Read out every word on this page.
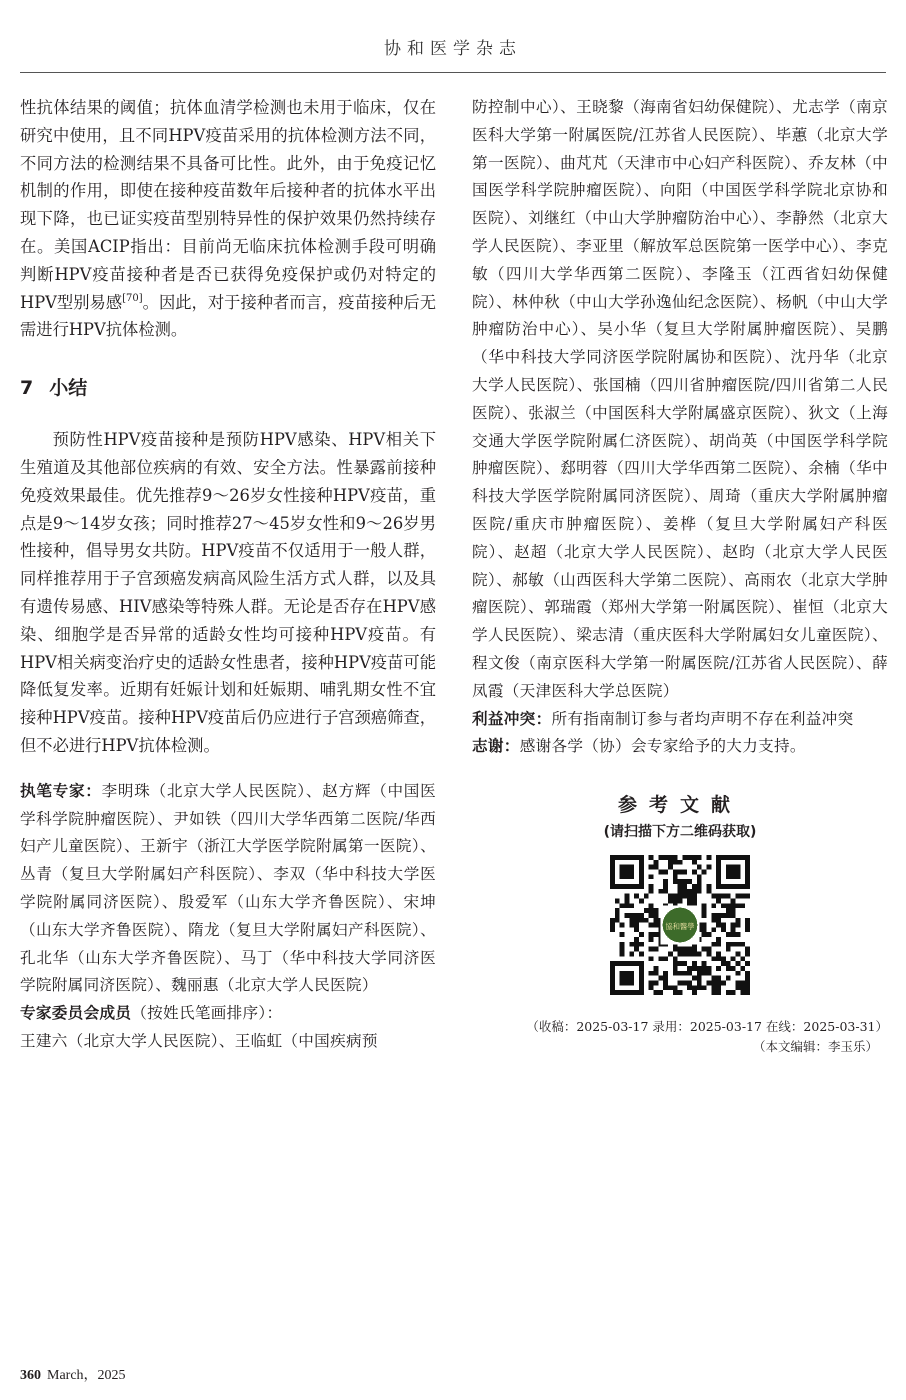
协和医学杂志

性抗体结果的阈值；抗体血清学检测也未用于临床，仅在研究中使用，且不同HPV疫苗采用的抗体检测方法不同，不同方法的检测结果不具备可比性。此外，由于免疫记忆机制的作用，即使在接种疫苗数年后接种者的抗体水平出现下降，也已证实疫苗型别特异性的保护效果仍然持续存在。美国ACIP指出：目前尚无临床抗体检测手段可明确判断HPV疫苗接种者是否已获得免疫保护或仍对特定的HPV型别易感[70]。因此，对于接种者而言，疫苗接种后无需进行HPV抗体检测。

7 小结

预防性HPV疫苗接种是预防HPV感染、HPV相关下生殖道及其他部位疾病的有效、安全方法。性暴露前接种免疫效果最佳。优先推荐9～26岁女性接种HPV疫苗，重点是9～14岁女孩；同时推荐27～45岁女性和9～26岁男性接种，倡导男女共防。HPV疫苗不仅适用于一般人群，同样推荐用于子宫颈癌发病高风险生活方式人群，以及具有遗传易感、HIV感染等特殊人群。无论是否存在HPV感染、细胞学是否异常的适龄女性均可接种HPV疫苗。有HPV相关病变治疗史的适龄女性患者，接种HPV疫苗可能降低复发率。近期有妊娠计划和妊娠期、哺乳期女性不宜接种HPV疫苗。接种HPV疫苗后仍应进行子宫颈癌筛查，但不必进行HPV抗体检测。

执笔专家：李明珠（北京大学人民医院）、赵方辉（中国医学科学院肿瘤医院）、尹如铁（四川大学华西第二医院/华西妇产儿童医院）、王新宇（浙江大学医学院附属第一医院）、丛青（复旦大学附属妇产科医院）、李双（华中科技大学医学院附属同济医院）、殷爱军（山东大学齐鲁医院）、宋坤（山东大学齐鲁医院）、隋龙（复旦大学附属妇产科医院）、孔北华（山东大学齐鲁医院）、马丁（华中科技大学同济医学院附属同济医院）、魏丽惠（北京大学人民医院）

专家委员会成员（按姓氏笔画排序）：

王建六（北京大学人民医院）、王临虹（中国疾病预

防控制中心）、王晓黎（海南省妇幼保健院）、尤志学（南京医科大学第一附属医院/江苏省人民医院）、毕蕙（北京大学第一医院）、曲芃芃（天津市中心妇产科医院）、乔友林（中国医学科学院肿瘤医院）、向阳（中国医学科学院北京协和医院）、刘继红（中山大学肿瘤防治中心）、李静然（北京大学人民医院）、李亚里（解放军总医院第一医学中心）、李克敏（四川大学华西第二医院）、李隆玉（江西省妇幼保健院）、林仲秋（中山大学孙逸仙纪念医院）、杨帆（中山大学肿瘤防治中心）、吴小华（复旦大学附属肿瘤医院）、吴鹏（华中科技大学同济医学院附属协和医院）、沈丹华（北京大学人民医院）、张国楠（四川省肿瘤医院/四川省第二人民医院）、张淑兰（中国医科大学附属盛京医院）、狄文（上海交通大学医学院附属仁济医院）、胡尚英（中国医学科学院肿瘤医院）、郄明蓉（四川大学华西第二医院）、余楠（华中科技大学医学院附属同济医院）、周琦（重庆大学附属肿瘤医院/重庆市肿瘤医院）、姜桦（复旦大学附属妇产科医院）、赵超（北京大学人民医院）、赵昀（北京大学人民医院）、郝敏（山西医科大学第二医院）、高雨农（北京大学肿瘤医院）、郭瑞霞（郑州大学第一附属医院）、崔恒（北京大学人民医院）、梁志清（重庆医科大学附属妇女儿童医院）、程文俊（南京医科大学第一附属医院/江苏省人民医院）、薛凤霞（天津医科大学总医院）

利益冲突：所有指南制订参与者均声明不存在利益冲突

志谢：感谢各学（协）会专家给予的大力支持。

参考文献
(请扫描下方二维码获取)
協和醫學
（收稿：2025-03-17 录用：2025-03-17 在线：2025-03-31）
（本文编辑：李玉乐）
360 March，2025
